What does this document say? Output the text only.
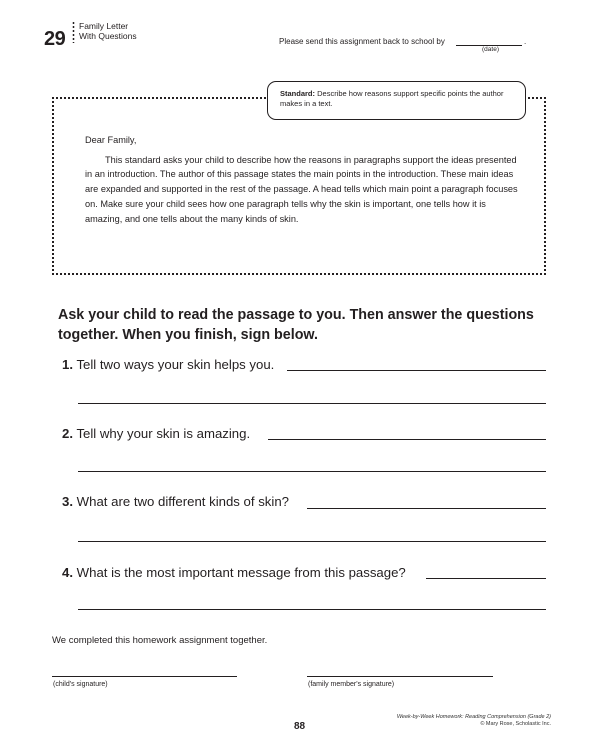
29
Family Letter
With Questions
Please send this assignment back to school by
(date)
.
Standard: Describe how reasons support specific points the author makes in a text.

Dear Family,

This standard asks your child to describe how the reasons in paragraphs support the ideas presented in an introduction. The author of this passage states the main points in the introduction. These main ideas are expanded and supported in the rest of the passage. A head tells which main point a paragraph focuses on. Make sure your child sees how one paragraph tells why the skin is important, one tells how it is amazing, and one tells about the many kinds of skin.

Ask your child to read the passage to you. Then answer the questions together. When you finish, sign below.
1. Tell two ways your skin helps you.
2. Tell why your skin is amazing.
3. What are two different kinds of skin?
4. What is the most important message from this passage?
We completed this homework assignment together.
(child's signature)	(family member's signature)
88
Week-by-Week Homework: Reading Comprehension (Grade 2)
© Mary Rose, Scholastic Inc.
